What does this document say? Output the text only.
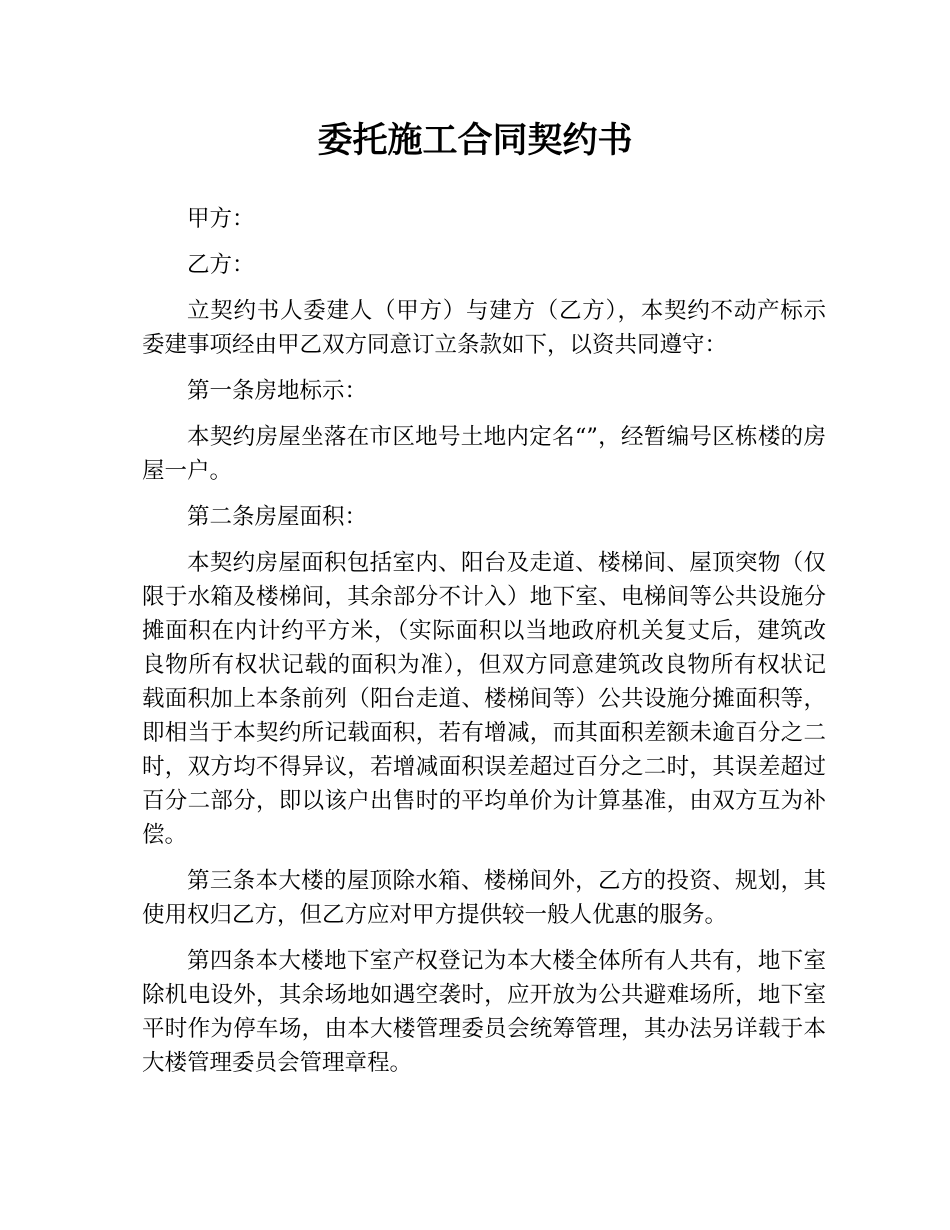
委托施工合同契约书

甲方：

乙方：

立契约书人委建人（甲方）与建方（乙方），本契约不动产标示委建事项经由甲乙双方同意订立条款如下，以资共同遵守：

第一条房地标示：

本契约房屋坐落在市区地号土地内定名“”，经暂编号区栋楼的房屋一户。

第二条房屋面积：

本契约房屋面积包括室内、阳台及走道、楼梯间、屋顶突物（仅限于水箱及楼梯间，其余部分不计入）地下室、电梯间等公共设施分摊面积在内计约平方米，（实际面积以当地政府机关复丈后，建筑改良物所有权状记载的面积为准），但双方同意建筑改良物所有权状记载面积加上本条前列（阳台走道、楼梯间等）公共设施分摊面积等，即相当于本契约所记载面积，若有增减，而其面积差额未逾百分之二时，双方均不得异议，若增减面积误差超过百分之二时，其误差超过百分二部分，即以该户出售时的平均单价为计算基准，由双方互为补偿。

第三条本大楼的屋顶除水箱、楼梯间外，乙方的投资、规划，其使用权归乙方，但乙方应对甲方提供较一般人优惠的服务。

第四条本大楼地下室产权登记为本大楼全体所有人共有，地下室除机电设外，其余场地如遇空袭时，应开放为公共避难场所，地下室平时作为停车场，由本大楼管理委员会统筹管理，其办法另详载于本大楼管理委员会管理章程。
